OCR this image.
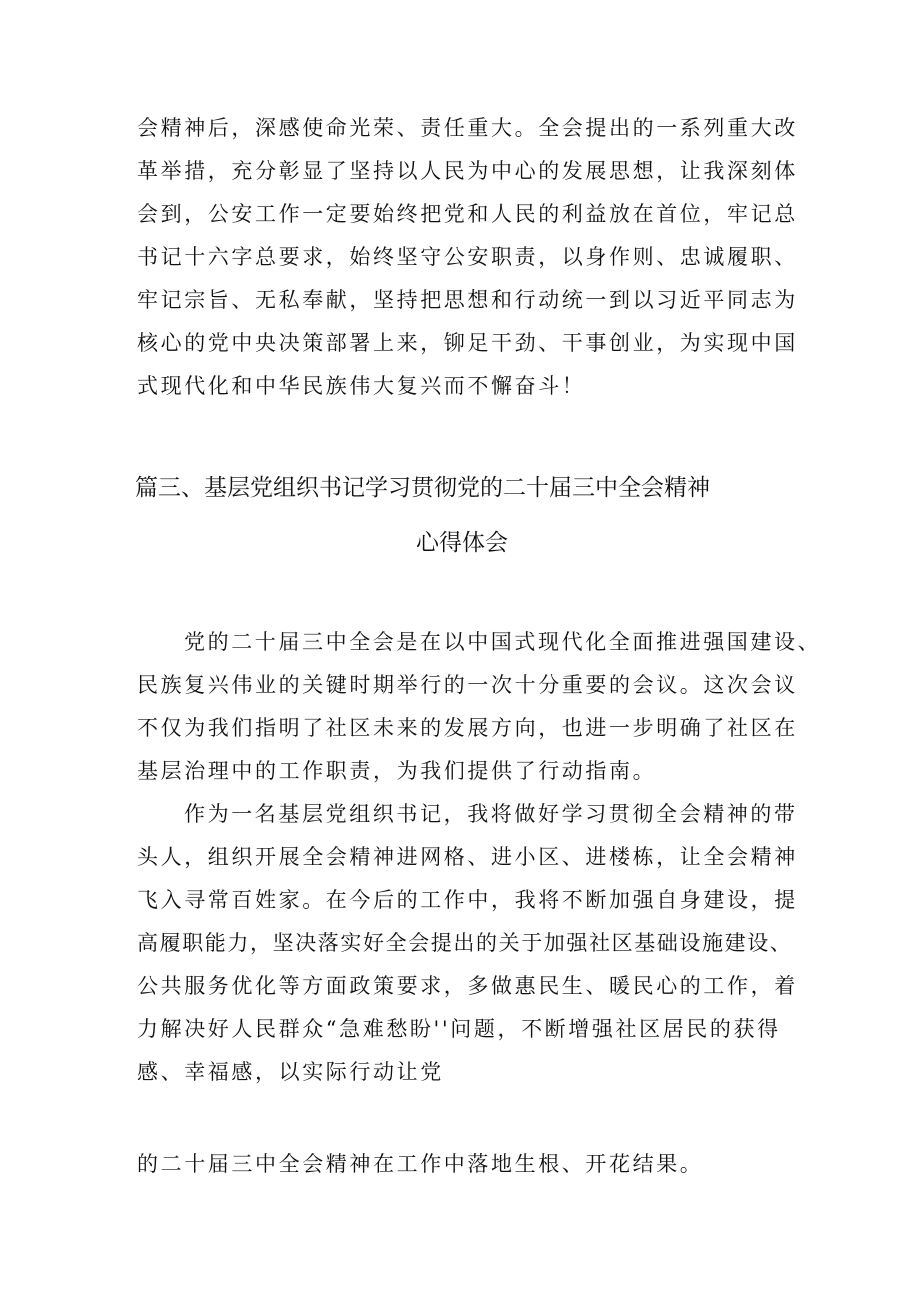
会精神后，深感使命光荣、责任重大。全会提出的一系列重大改
革举措，充分彰显了坚持以人民为中心的发展思想，让我深刻体
会到，公安工作一定要始终把党和人民的利益放在首位，牢记总
书记十六字总要求，始终坚守公安职责，以身作则、忠诚履职、
牢记宗旨、无私奉献，坚持把思想和行动统一到以习近平同志为
核心的党中央决策部署上来，铆足干劲、干事创业，为实现中国
式现代化和中华民族伟大复兴而不懈奋斗！
篇三、基层党组织书记学习贯彻党的二十届三中全会精神
心得体会
党的二十届三中全会是在以中国式现代化全面推进强国建设、
民族复兴伟业的关键时期举行的一次十分重要的会议。这次会议
不仅为我们指明了社区未来的发展方向，也进一步明确了社区在
基层治理中的工作职责，为我们提供了行动指南。
作为一名基层党组织书记，我将做好学习贯彻全会精神的带
头人，组织开展全会精神进网格、进小区、进楼栋，让全会精神
飞入寻常百姓家。在今后的工作中，我将不断加强自身建设，提
高履职能力，坚决落实好全会提出的关于加强社区基础设施建设、
公共服务优化等方面政策要求，多做惠民生、暖民心的工作，着
力解决好人民群众“急难愁盼''问题，不断增强社区居民的获得
感、幸福感，以实际行动让党
的二十届三中全会精神在工作中落地生根、开花结果。
